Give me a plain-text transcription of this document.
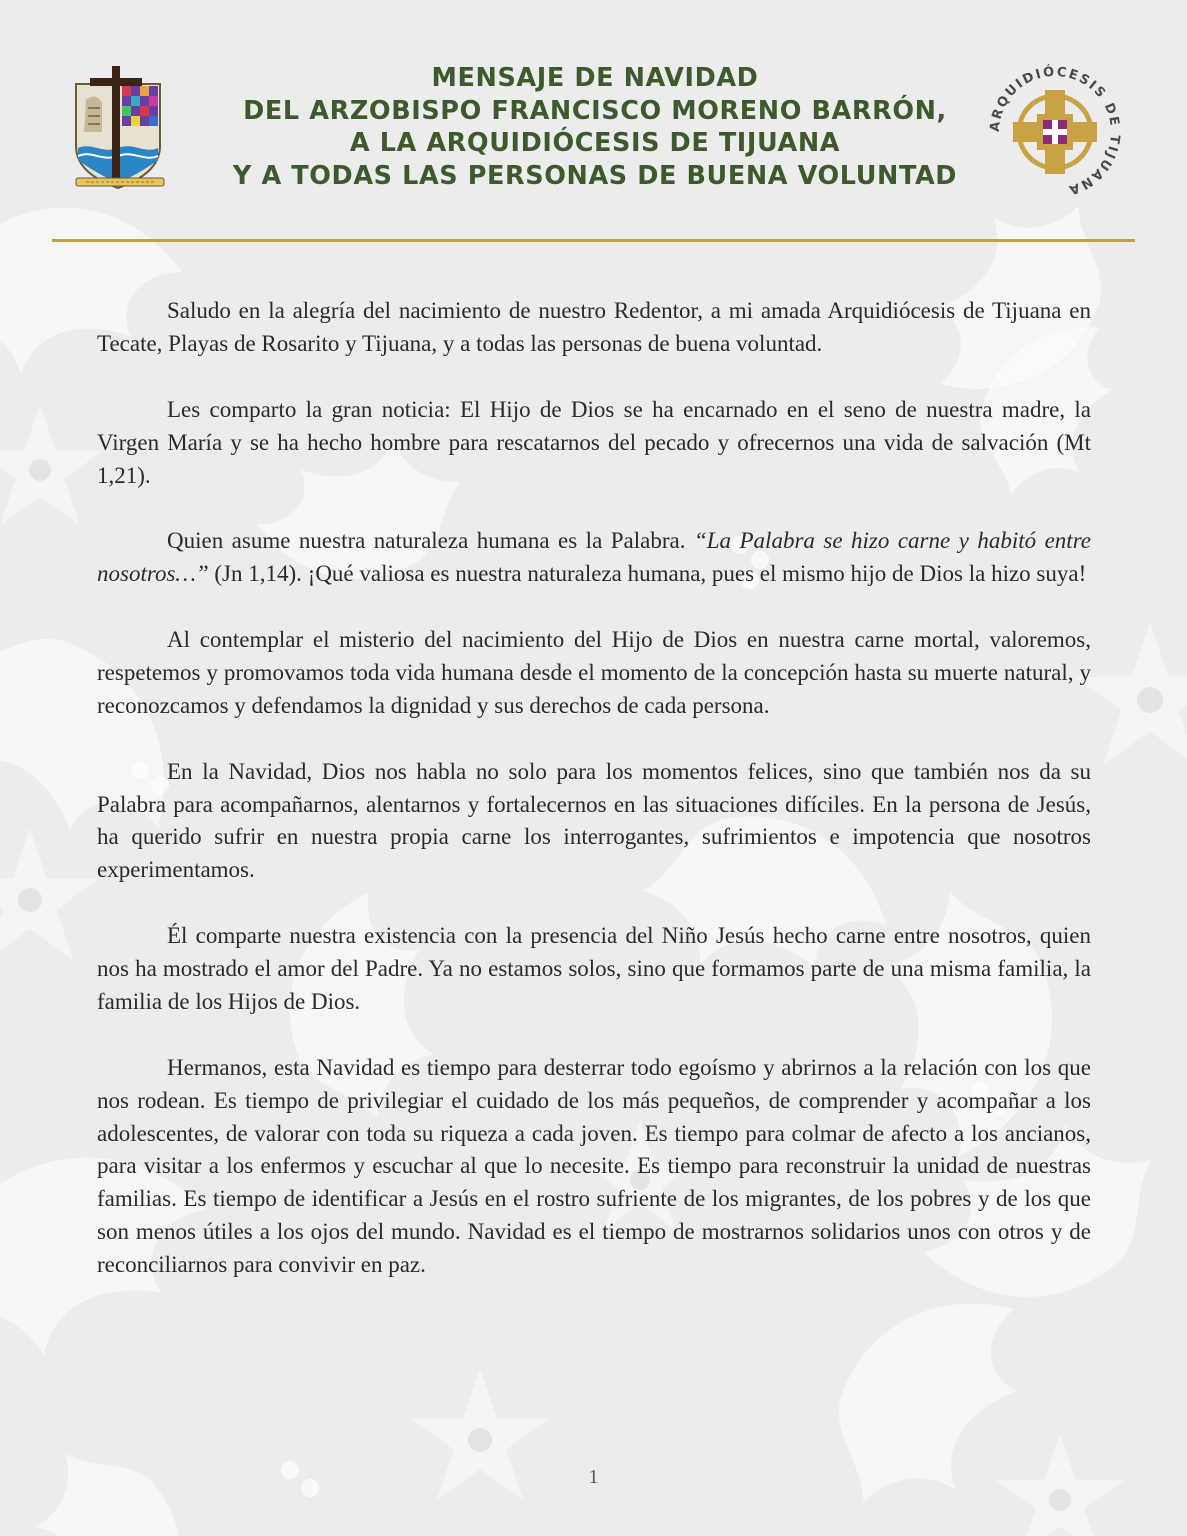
MENSAJE DE NAVIDAD
DEL ARZOBISPO FRANCISCO MORENO BARRÓN,
A LA ARQUIDIÓCESIS DE TIJUANA
Y A TODAS LAS PERSONAS DE BUENA VOLUNTAD
ARQUIDIÓCESIS DE TIJUANA

Saludo en la alegría del nacimiento de nuestro Redentor, a mi amada Arquidiócesis de Tijuana en Tecate, Playas de Rosarito y Tijuana, y a todas las personas de buena voluntad.

Les comparto la gran noticia: El Hijo de Dios se ha encarnado en el seno de nuestra madre, la Virgen María y se ha hecho hombre para rescatarnos del pecado y ofrecernos una vida de salvación (Mt 1,21).

Quien asume nuestra naturaleza humana es la Palabra. “La Palabra se hizo carne y habitó entre nosotros…” (Jn 1,14). ¡Qué valiosa es nuestra naturaleza humana, pues el mismo hijo de Dios la hizo suya!

Al contemplar el misterio del nacimiento del Hijo de Dios en nuestra carne mortal, valoremos, respetemos y promovamos toda vida humana desde el momento de la concepción hasta su muerte natural, y reconozcamos y defendamos la dignidad y sus derechos de cada persona.

En la Navidad, Dios nos habla no solo para los momentos felices, sino que también nos da su Palabra para acompañarnos, alentarnos y fortalecernos en las situaciones difíciles. En la persona de Jesús, ha querido sufrir en nuestra propia carne los interrogantes, sufrimientos e impotencia que nosotros experimentamos.

Él comparte nuestra existencia con la presencia del Niño Jesús hecho carne entre nosotros, quien nos ha mostrado el amor del Padre. Ya no estamos solos, sino que formamos parte de una misma familia, la familia de los Hijos de Dios.

Hermanos, esta Navidad es tiempo para desterrar todo egoísmo y abrirnos a la relación con los que nos rodean. Es tiempo de privilegiar el cuidado de los más pequeños, de comprender y acompañar a los adolescentes, de valorar con toda su riqueza a cada joven. Es tiempo para colmar de afecto a los ancianos, para visitar a los enfermos y escuchar al que lo necesite. Es tiempo para reconstruir la unidad de nuestras familias. Es tiempo de identificar a Jesús en el rostro sufriente de los migrantes, de los pobres y de los que son menos útiles a los ojos del mundo. Navidad es el tiempo de mostrarnos solidarios unos con otros y de reconciliarnos para convivir en paz.

1
